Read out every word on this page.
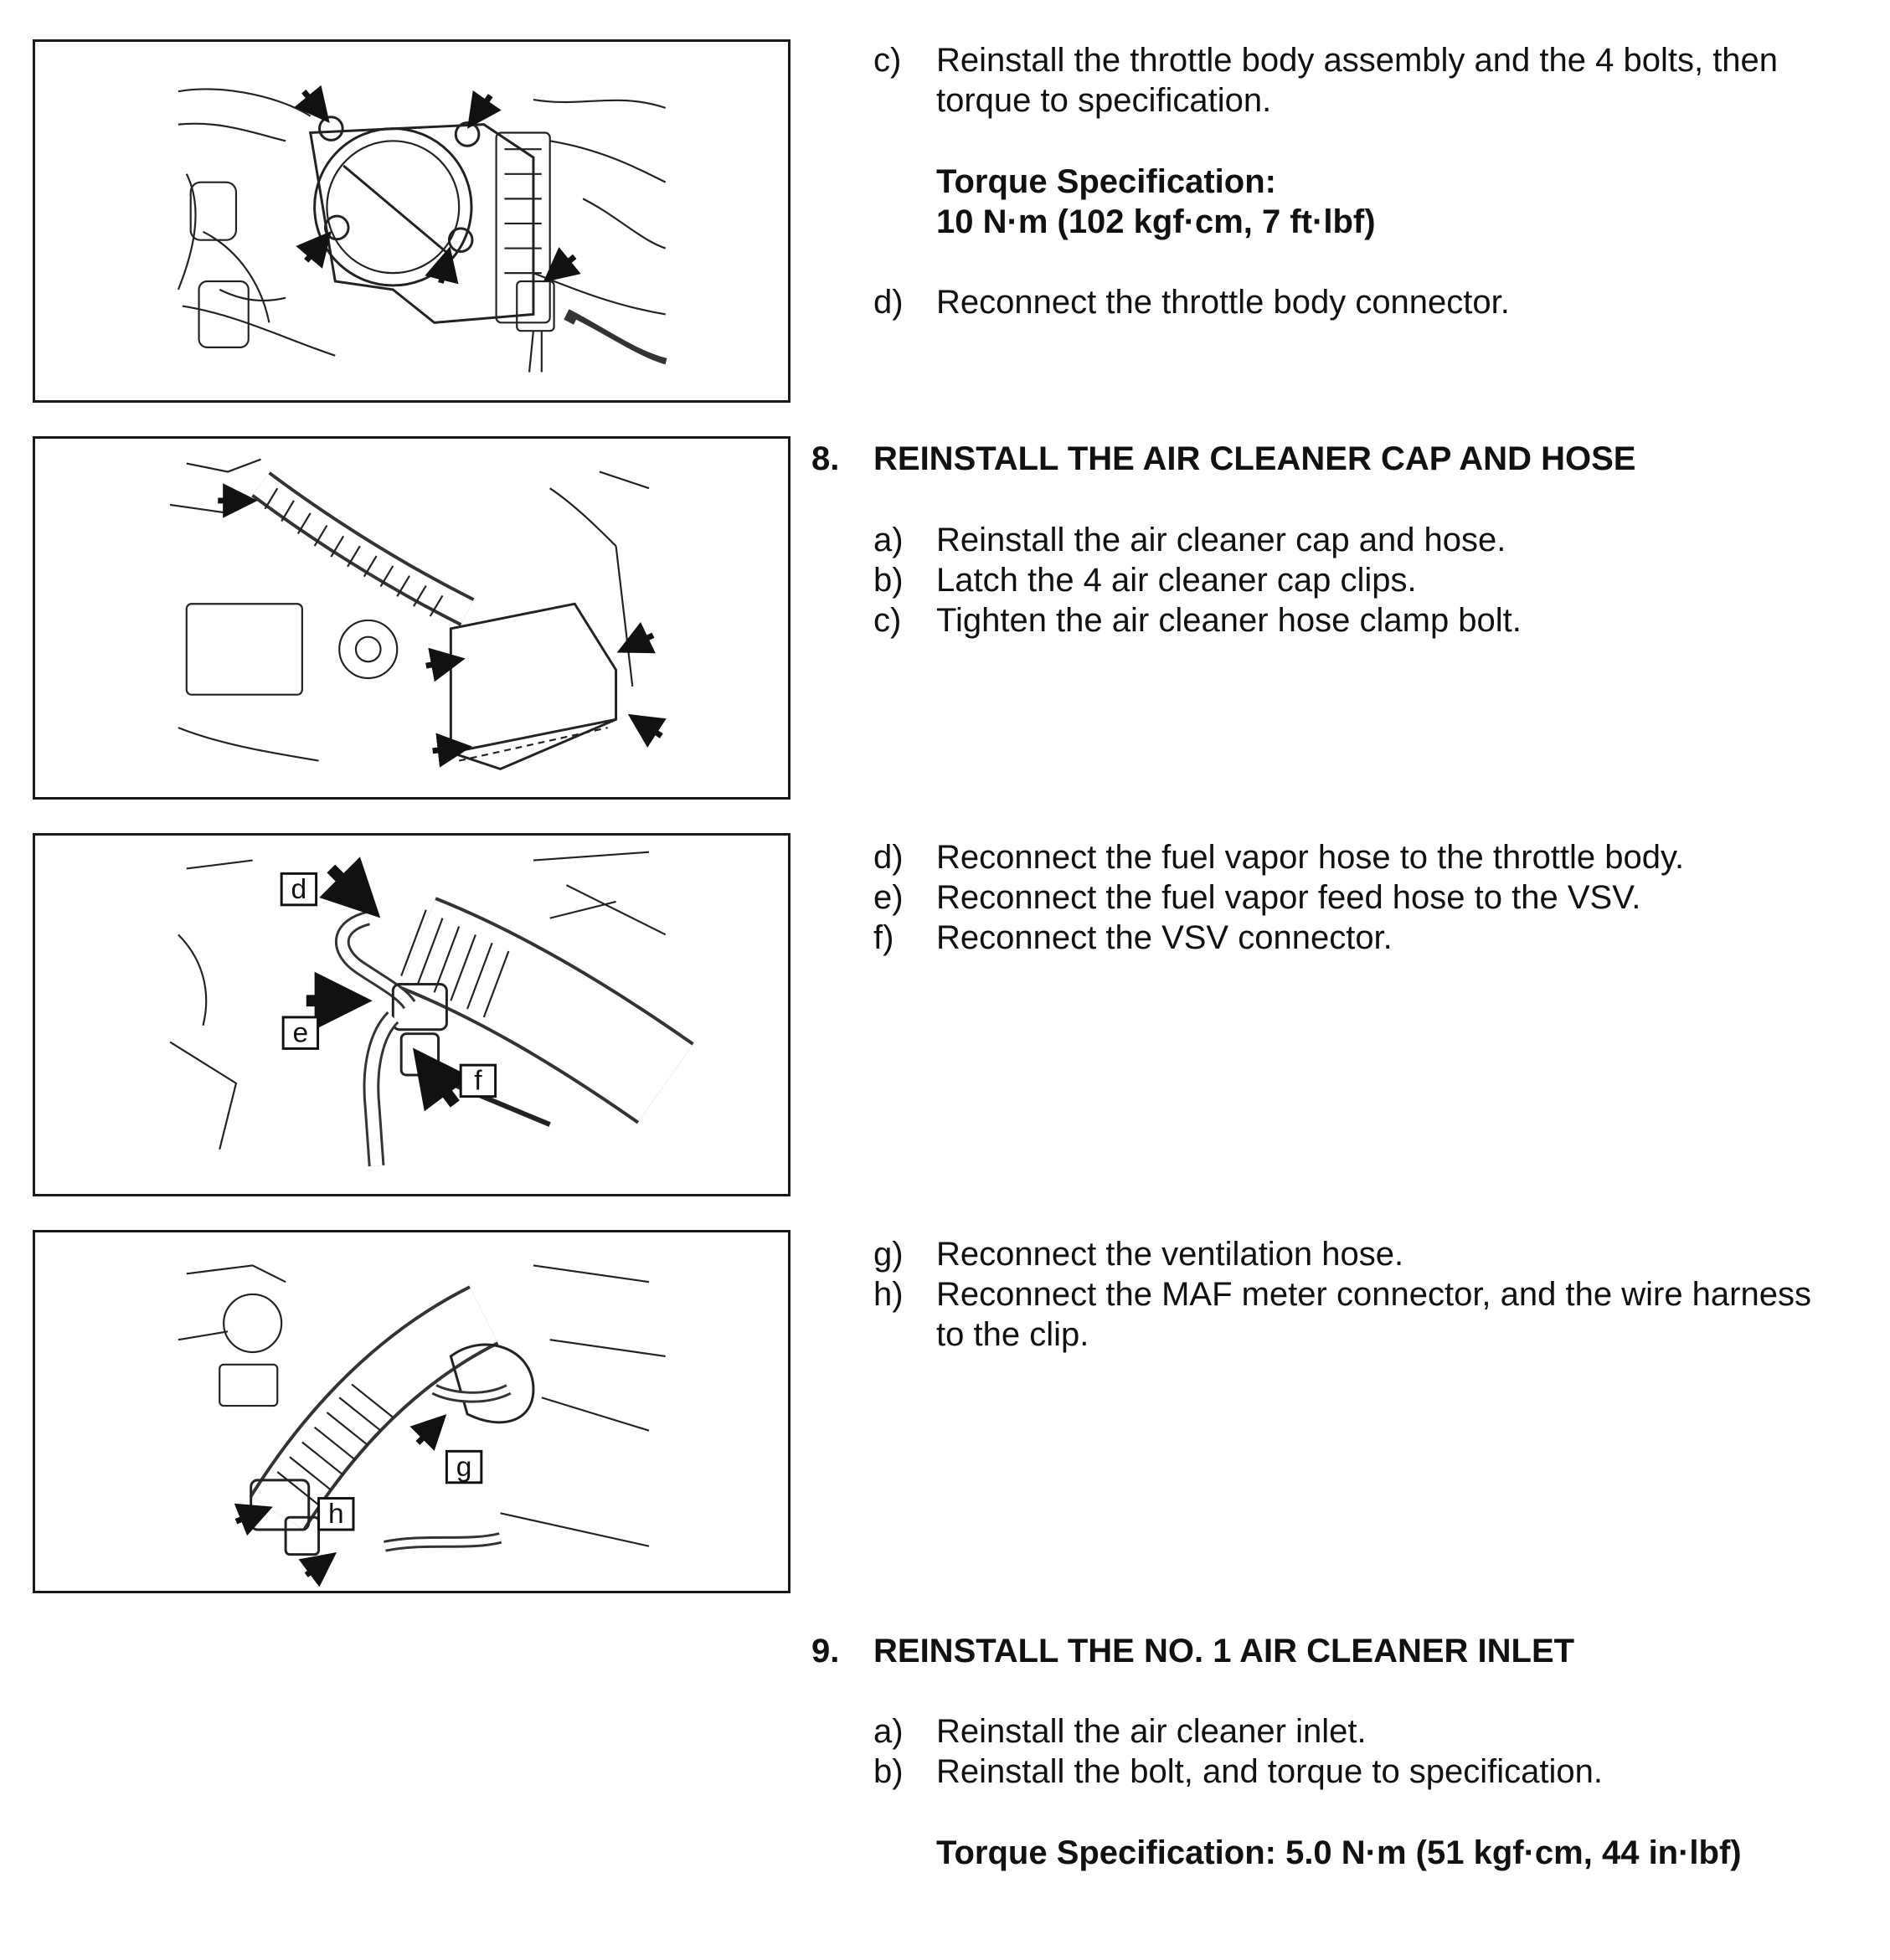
d
e
f
g
h
c) Reinstall the throttle body assembly and the 4 bolts, then
torque to specification.
Torque Specification:
10 N·m (102 kgf·cm, 7 ft·lbf)
d) Reconnect the throttle body connector.
8. REINSTALL THE AIR CLEANER CAP AND HOSE
a) Reinstall the air cleaner cap and hose.
b) Latch the 4 air cleaner cap clips.
c) Tighten the air cleaner hose clamp bolt.
d) Reconnect the fuel vapor hose to the throttle body.
e) Reconnect the fuel vapor feed hose to the VSV.
f) Reconnect the VSV connector.
g) Reconnect the ventilation hose.
h) Reconnect the MAF meter connector, and the wire harness
to the clip.
9. REINSTALL THE NO. 1 AIR CLEANER INLET
a) Reinstall the air cleaner inlet.
b) Reinstall the bolt, and torque to specification.
Torque Specification: 5.0 N·m (51 kgf·cm, 44 in·lbf)
